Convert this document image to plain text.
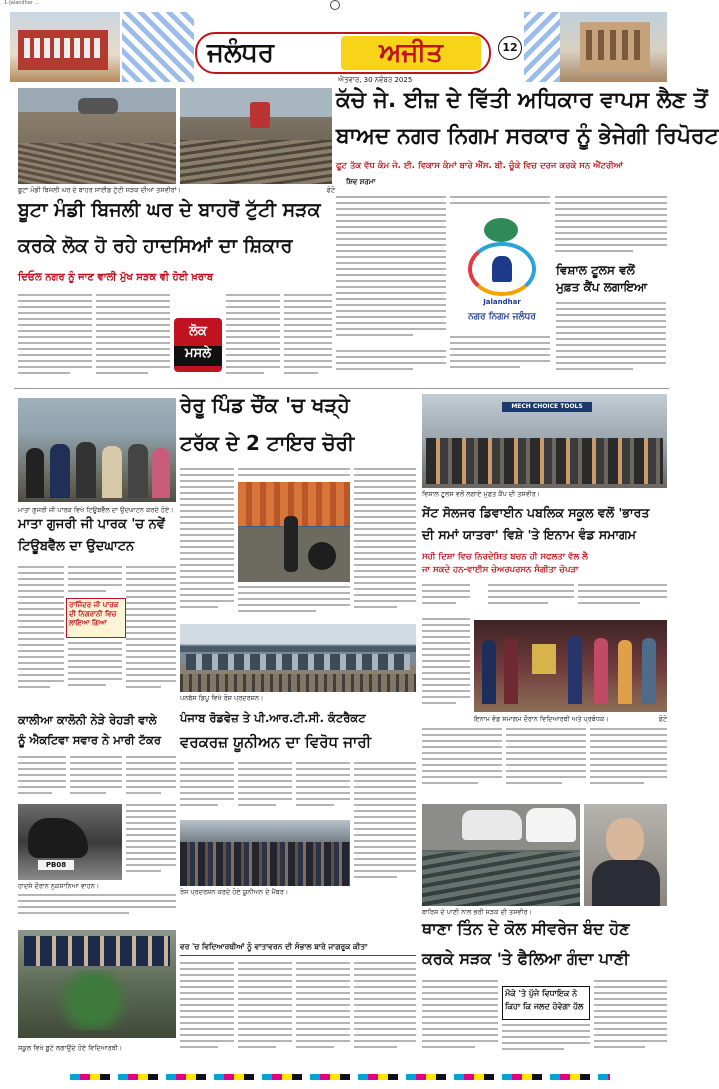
1-Jalandhar ...
ਜਲੰਧਰ	ਅਜੀਤ
ਐਤਵਾਰ, 30 ਨਵੰਬਰ 2025
12
ਬੂਟਾ ਮੰਡੀ ਬਿਜਲੀ ਘਰ ਦੇ ਬਾਹਰ ਸਾਈਡ ਟੁੱਟੀ ਸੜਕ ਦੀਆਂ ਤਸਵੀਰਾਂ।	ਫੋਟੋ
ਕੱਚੇ ਜੇ. ਈਜ਼ ਦੇ ਵਿੱਤੀ ਅਧਿਕਾਰ ਵਾਪਸ ਲੈਣ ਤੋਂ
ਬਾਅਦ ਨਗਰ ਨਿਗਮ ਸਰਕਾਰ ਨੂੰ ਭੇਜੇਗੀ ਰਿਪੋਰਟ
ਫੂਟ ਤੱਕ ਵੱਧ ਕੰਮ ਜੇ. ਈ. ਵਿਕਾਸ ਕੰਮਾਂ ਬਾਰੇ ਐੱਸ. ਬੀ. ਚੂੰਕੇ ਵਿਚ ਦਰਜ ਕਰਕੇ ਸਨ ਐਂਟਰੀਆਂ
ਸ਼ਿਵ ਸ਼ਰਮਾ
Jalandhar
ਨਗਰ ਨਿਗਮ ਜਲੰਧਰ
ਵਿਸ਼ਾਲ ਟੂਲਸ ਵਲੋਂ
ਮੁਫ਼ਤ ਕੈਂਪ ਲਗਾਇਆ
ਬੂਟਾ ਮੰਡੀ ਬਿਜਲੀ ਘਰ ਦੇ ਬਾਹਰੋਂ ਟੁੱਟੀ ਸੜਕ
ਕਰਕੇ ਲੋਕ ਹੋ ਰਹੇ ਹਾਦਸਿਆਂ ਦਾ ਸ਼ਿਕਾਰ
ਦਿਓਲ ਨਗਰ ਨੂੰ ਜਾਣ ਵਾਲੀ ਮੁੱਖ ਸੜਕ ਵੀ ਹੋਈ ਖ਼ਰਾਬ
ਲੋਕ
ਮਸਲੇ
ਮਾਤਾ ਗੁਜਰੀ ਜੀ ਪਾਰਕ ਵਿਖੇ ਟਿਊਬਵੈੱਲ ਦਾ ਉਦਘਾਟਨ ਕਰਦੇ ਹੋਏ।
ਮਾਤਾ ਗੁਜਰੀ ਜੀ ਪਾਰਕ 'ਚ ਨਵੇਂ
ਟਿਊਬਵੈੱਲ ਦਾ ਉਦਘਾਟਨ
ਰਾਜਿੰਦਰ ਜੀ ਪਾਰਕ ਦੀ ਨਿਗਰਾਨੀ ਵਿਚ ਲਾਇਆ ਗਿਆ
ਰੇਰੂ ਪਿੰਡ ਚੌਂਕ 'ਚ ਖੜ੍ਹੇ
ਟਰੱਕ ਦੇ 2 ਟਾਇਰ ਚੋਰੀ
ਪਨਬੱਸ ਡਿਪੂ ਵਿਖੇ ਰੋਸ ਪ੍ਰਦਰਸ਼ਨ।
MECH CHOICE TOOLS
ਵਿਸ਼ਾਲ ਟੂਲਸ ਵਲੋਂ ਲਗਾਏ ਮੁਫ਼ਤ ਕੈਂਪ ਦੀ ਤਸਵੀਰ।
ਸੇਂਟ ਸੋਲਜਰ ਡਿਵਾਈਨ ਪਬਲਿਕ ਸਕੂਲ ਵਲੋਂ 'ਭਾਰਤ
ਦੀ ਸਮਾਂ ਯਾਤਰਾ' ਵਿਸ਼ੇ 'ਤੇ ਇਨਾਮ ਵੰਡ ਸਮਾਗਮ
ਸਹੀ ਦਿਸ਼ਾ ਵਿਚ ਨਿਰਦੇਸ਼ਿਤ ਬਚਨ ਹੀ ਸਫਲਤਾ ਵੱਲ ਲੈ
ਜਾ ਸਕਦੇ ਹਨ-ਵਾਈਸ ਚੇਅਰਪਰਸਨ ਸੰਗੀਤਾ ਚੋਪੜਾ
ਇਨਾਮ ਵੰਡ ਸਮਾਗਮ ਦੌਰਾਨ ਵਿਦਿਆਰਥੀ ਅਤੇ ਪ੍ਰਬੰਧਕ।	ਫੋਟੋ
ਕਾਲੀਆ ਕਾਲੋਨੀ ਨੇੜੇ ਰੇਹੜੀ ਵਾਲੇ
ਨੂੰ ਐਕਟਿਵਾ ਸਵਾਰ ਨੇ ਮਾਰੀ ਟੱਕਰ
PB08
ਹਾਦਸੇ ਦੌਰਾਨ ਨੁਕਸਾਨਿਆ ਵਾਹਨ।
ਪੰਜਾਬ ਰੋਡਵੇਜ਼ ਤੇ ਪੀ.ਆਰ.ਟੀ.ਸੀ. ਕੰਟਰੈਕਟ
ਵਰਕਰਜ਼ ਯੂਨੀਅਨ ਦਾ ਵਿਰੋਧ ਜਾਰੀ
ਰੋਸ ਪ੍ਰਦਰਸ਼ਨ ਕਰਦੇ ਹੋਏ ਯੂਨੀਅਨ ਦੇ ਮੈਂਬਰ।
ਬਾਰਿਸ਼ ਦੇ ਪਾਣੀ ਨਾਲ ਭਰੀ ਸੜਕ ਦੀ ਤਸਵੀਰ।
ਥਾਣਾ ਤਿੰਨ ਦੇ ਕੋਲ ਸੀਵਰੇਜ ਬੰਦ ਹੋਣ
ਕਰਕੇ ਸੜਕ 'ਤੇ ਫੈਲਿਆ ਗੰਦਾ ਪਾਣੀ
ਮੌਕੇ 'ਤੇ ਪੁੱਜੇ ਵਿਧਾਇਕ ਨੇ
ਕਿਹਾ ਕਿ ਜਲਦ ਹੋਵੇਗਾ ਹੱਲ
ਵਰ 'ਚ ਵਿਦਿਆਰਥੀਆਂ ਨੂੰ ਵਾਤਾਵਰਨ ਦੀ ਸੰਭਾਲ ਬਾਰੇ ਜਾਗਰੂਕ ਕੀਤਾ
ਸਕੂਲ ਵਿਖੇ ਬੂਟੇ ਲਗਾਉਂਦੇ ਹੋਏ ਵਿਦਿਆਰਥੀ।
